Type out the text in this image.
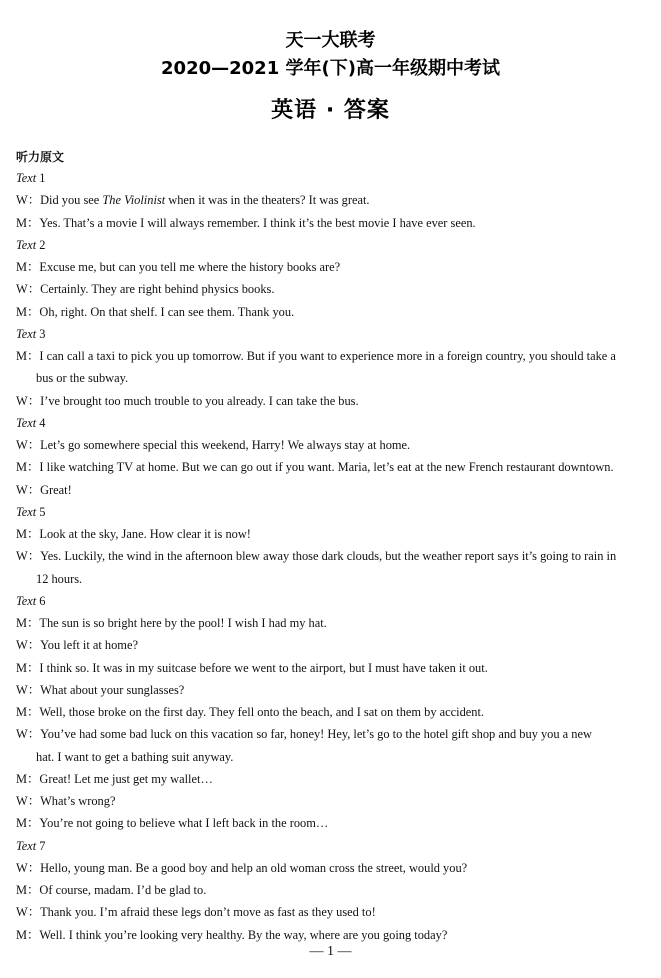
天一大联考
2020—2021 学年(下)高一年级期中考试
英语 · 答案
听力原文
Text 1
W：Did you see The Violinist when it was in the theaters? It was great.
M：Yes. That’s a movie I will always remember. I think it’s the best movie I have ever seen.
Text 2
M：Excuse me, but can you tell me where the history books are?
W：Certainly. They are right behind physics books.
M：Oh, right. On that shelf. I can see them. Thank you.
Text 3
M：I can call a taxi to pick you up tomorrow. But if you want to experience more in a foreign country, you should take a
bus or the subway.
W：I’ve brought too much trouble to you already. I can take the bus.
Text 4
W：Let’s go somewhere special this weekend, Harry! We always stay at home.
M：I like watching TV at home. But we can go out if you want. Maria, let’s eat at the new French restaurant downtown.
W：Great!
Text 5
M：Look at the sky, Jane. How clear it is now!
W：Yes. Luckily, the wind in the afternoon blew away those dark clouds, but the weather report says it’s going to rain in
12 hours.
Text 6
M：The sun is so bright here by the pool! I wish I had my hat.
W：You left it at home?
M：I think so. It was in my suitcase before we went to the airport, but I must have taken it out.
W：What about your sunglasses?
M：Well, those broke on the first day. They fell onto the beach, and I sat on them by accident.
W：You’ve had some bad luck on this vacation so far, honey! Hey, let’s go to the hotel gift shop and buy you a new
hat. I want to get a bathing suit anyway.
M：Great! Let me just get my wallet…
W：What’s wrong?
M：You’re not going to believe what I left back in the room…
Text 7
W：Hello, young man. Be a good boy and help an old woman cross the street, would you?
M：Of course, madam. I’d be glad to.
W：Thank you. I’m afraid these legs don’t move as fast as they used to!
M：Well. I think you’re looking very healthy. By the way, where are you going today?
— 1 —
